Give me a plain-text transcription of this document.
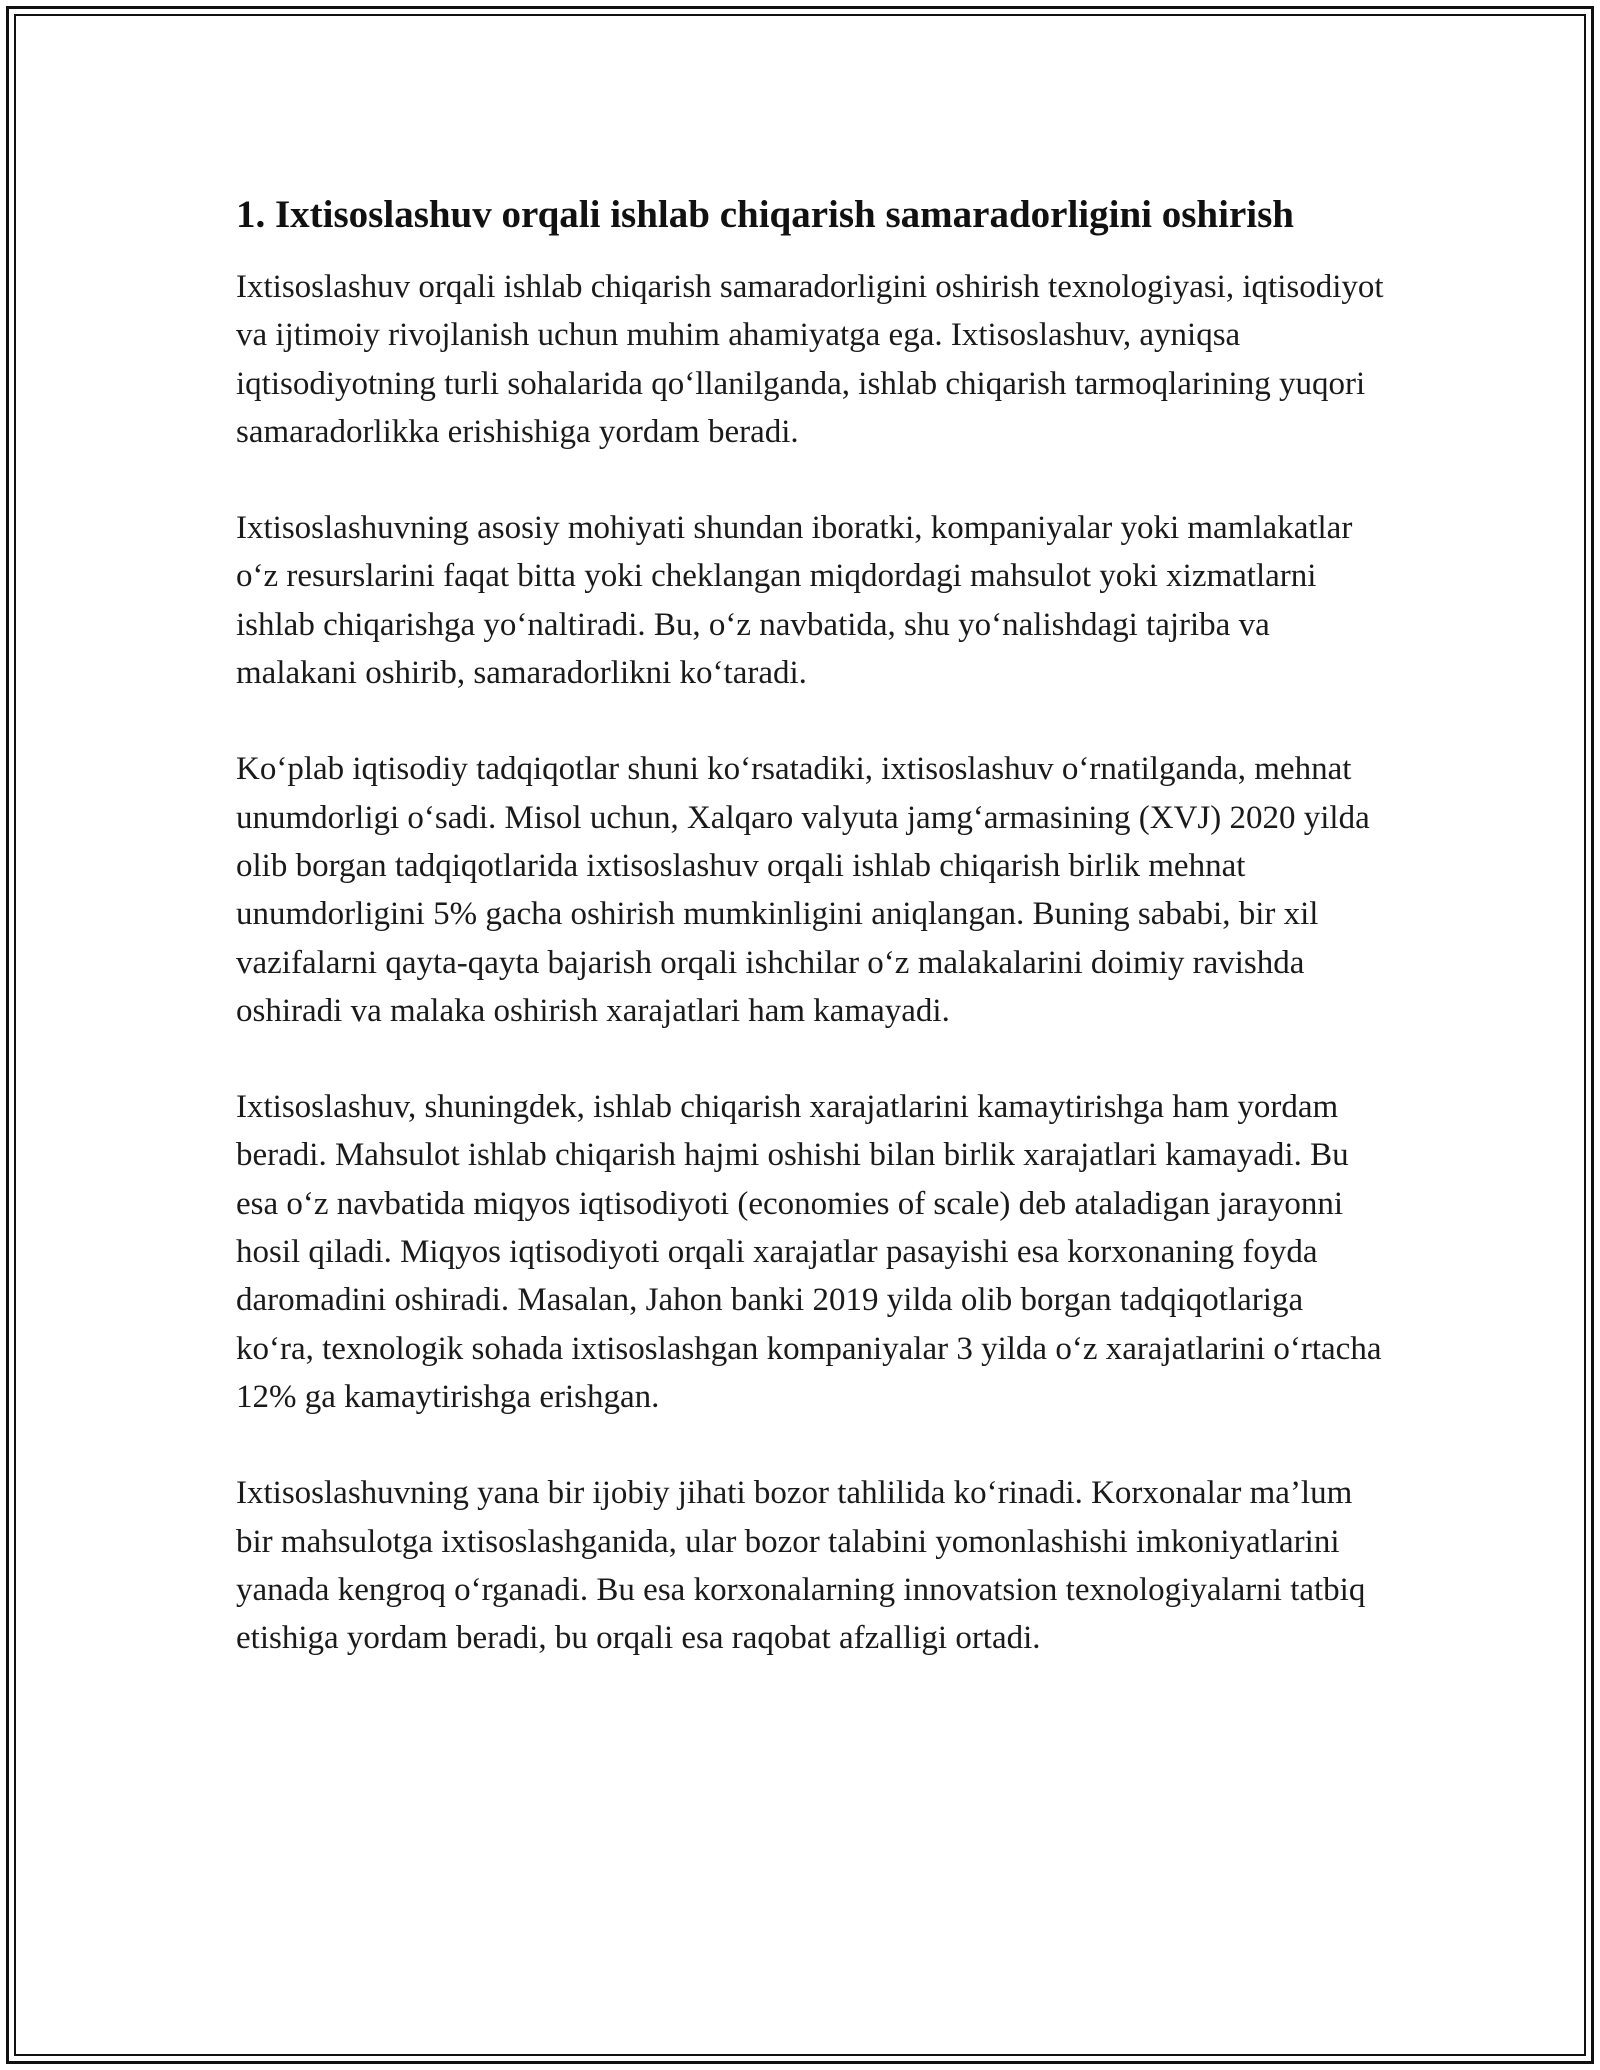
1. Ixtisoslashuv orqali ishlab chiqarish samaradorligini oshirish

Ixtisoslashuv orqali ishlab chiqarish samaradorligini oshirish texnologiyasi, iqtisodiyot va ijtimoiy rivojlanish uchun muhim ahamiyatga ega. Ixtisoslashuv, ayniqsa iqtisodiyotning turli sohalarida qo‘llanilganda, ishlab chiqarish tarmoqlarining yuqori samaradorlikka erishishiga yordam beradi.

Ixtisoslashuvning asosiy mohiyati shundan iboratki, kompaniyalar yoki mamlakatlar o‘z resurslarini faqat bitta yoki cheklangan miqdordagi mahsulot yoki xizmatlarni ishlab chiqarishga yo‘naltiradi. Bu, o‘z navbatida, shu yo‘nalishdagi tajriba va malakani oshirib, samaradorlikni ko‘taradi.

Ko‘plab iqtisodiy tadqiqotlar shuni ko‘rsatadiki, ixtisoslashuv o‘rnatilganda, mehnat unumdorligi o‘sadi. Misol uchun, Xalqaro valyuta jamg‘armasining (XVJ) 2020 yilda olib borgan tadqiqotlarida ixtisoslashuv orqali ishlab chiqarish birlik mehnat unumdorligini 5% gacha oshirish mumkinligini aniqlangan. Buning sababi, bir xil vazifalarni qayta-qayta bajarish orqali ishchilar o‘z malakalarini doimiy ravishda oshiradi va malaka oshirish xarajatlari ham kamayadi.

Ixtisoslashuv, shuningdek, ishlab chiqarish xarajatlarini kamaytirishga ham yordam beradi. Mahsulot ishlab chiqarish hajmi oshishi bilan birlik xarajatlari kamayadi. Bu esa o‘z navbatida miqyos iqtisodiyoti (economies of scale) deb ataladigan jarayonni hosil qiladi. Miqyos iqtisodiyoti orqali xarajatlar pasayishi esa korxonaning foyda daromadini oshiradi. Masalan, Jahon banki 2019 yilda olib borgan tadqiqotlariga ko‘ra, texnologik sohada ixtisoslashgan kompaniyalar 3 yilda o‘z xarajatlarini o‘rtacha 12% ga kamaytirishga erishgan.

Ixtisoslashuvning yana bir ijobiy jihati bozor tahlilida ko‘rinadi. Korxonalar ma’lum bir mahsulotga ixtisoslashganida, ular bozor talabini yomonlashishi imkoniyatlarini yanada kengroq o‘rganadi. Bu esa korxonalarning innovatsion texnologiyalarni tatbiq etishiga yordam beradi, bu orqali esa raqobat afzalligi ortadi.
